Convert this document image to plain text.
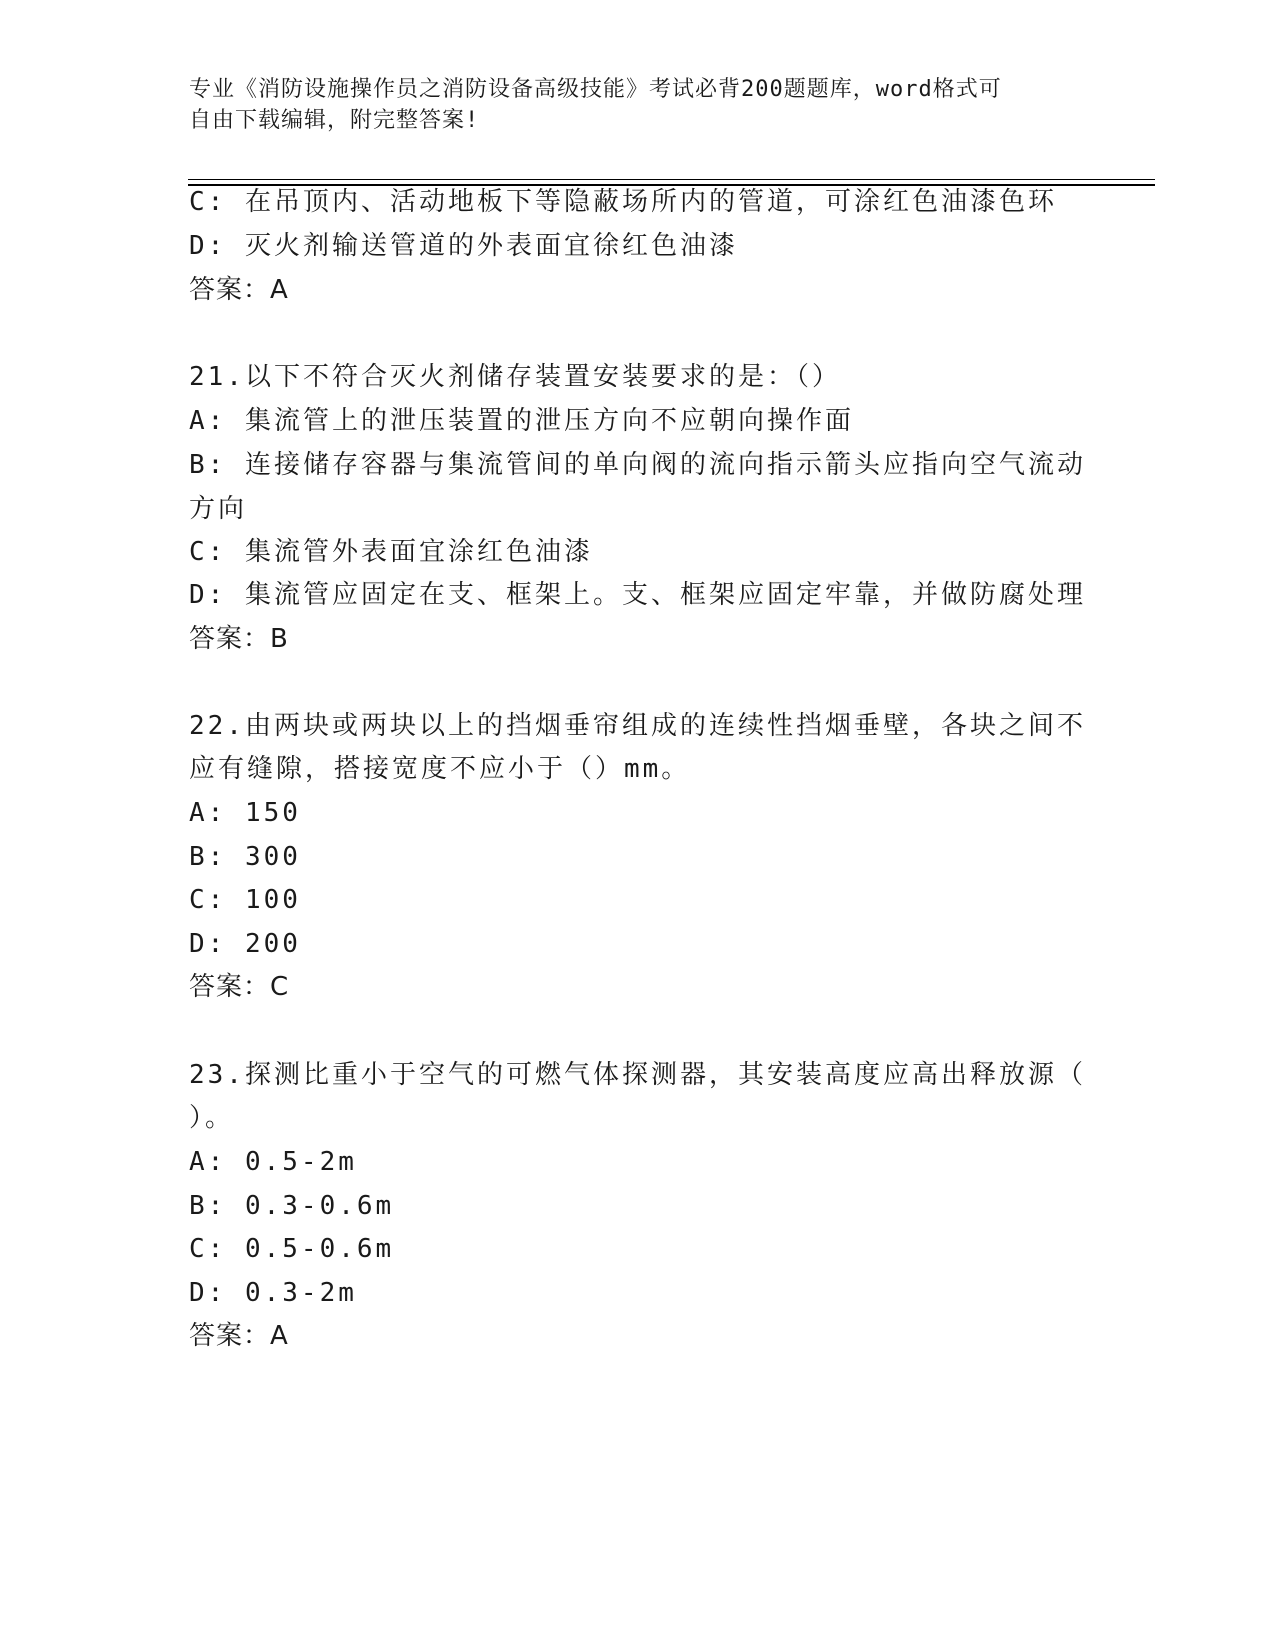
专业《消防设施操作员之消防设备高级技能》考试必背200题题库，word格式可
自由下载编辑，附完整答案!
C: 在吊顶内、活动地板下等隐蔽场所内的管道，可涂红色油漆色环
D: 灭火剂输送管道的外表面宜徐红色油漆
答案：A
21.以下不符合灭火剂储存装置安装要求的是：（）
A: 集流管上的泄压装置的泄压方向不应朝向操作面
B: 连接储存容器与集流管间的单向阀的流向指示箭头应指向空气流动
方向
C: 集流管外表面宜涂红色油漆
D: 集流管应固定在支、框架上。支、框架应固定牢靠，并做防腐处理
答案：B
22.由两块或两块以上的挡烟垂帘组成的连续性挡烟垂壁，各块之间不
应有缝隙，搭接宽度不应小于（）mm。
A: 150
B: 300
C: 100
D: 200
答案：C
23.探测比重小于空气的可燃气体探测器，其安装高度应高出释放源（
）。
A: 0.5-2m
B: 0.3-0.6m
C: 0.5-0.6m
D: 0.3-2m
答案：A
